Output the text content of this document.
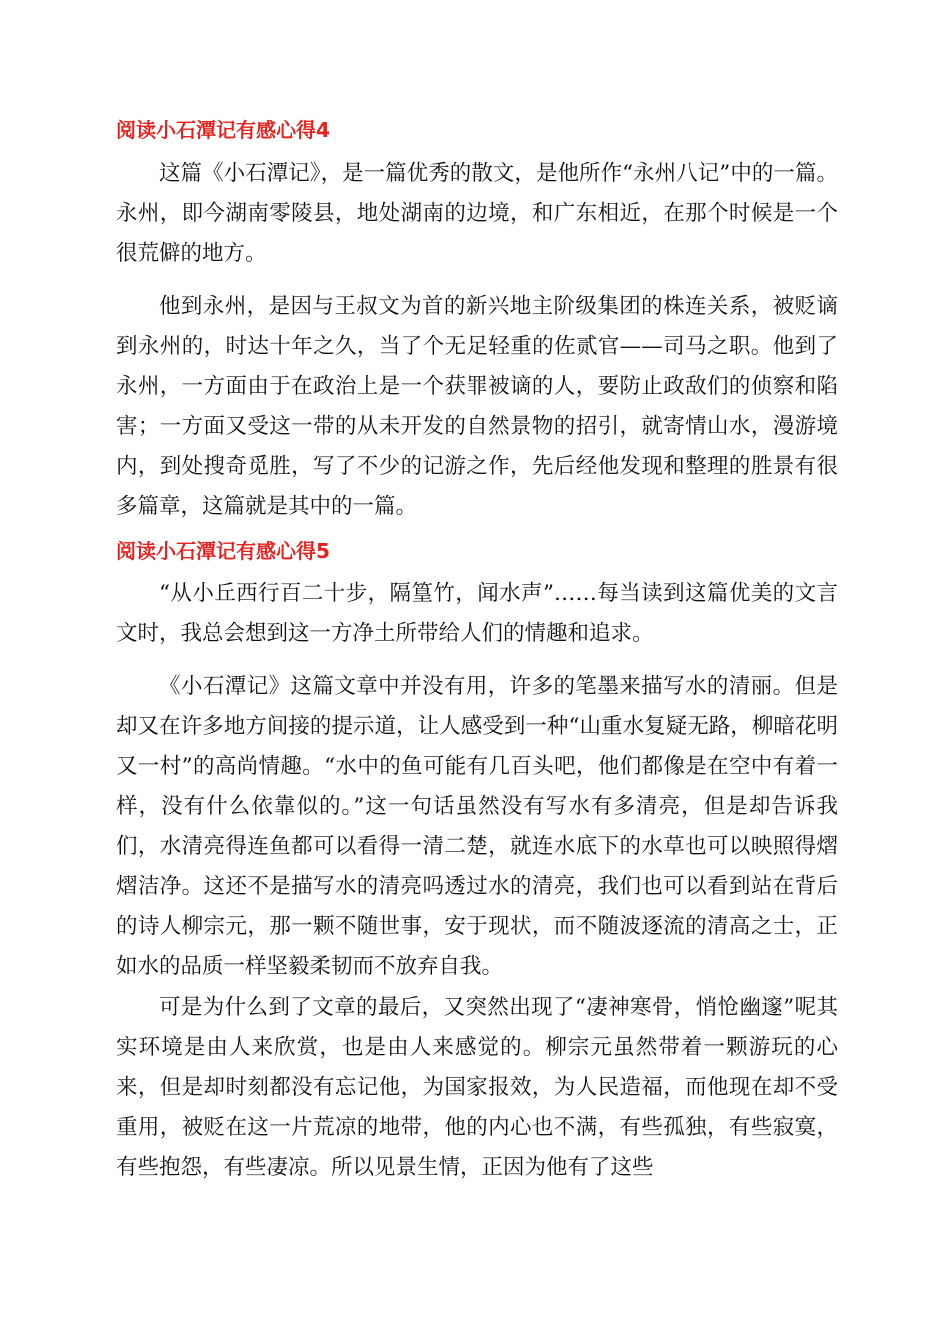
阅读小石潭记有感心得4

这篇《小石潭记》，是一篇优秀的散文，是他所作“永州八记”中的一篇。永州，即今湖南零陵县，地处湖南的边境，和广东相近，在那个时候是一个很荒僻的地方。

他到永州，是因与王叔文为首的新兴地主阶级集团的株连关系，被贬谪到永州的，时达十年之久，当了个无足轻重的佐贰官——司马之职。他到了永州，一方面由于在政治上是一个获罪被谪的人，要防止政敌们的侦察和陷害；一方面又受这一带的从未开发的自然景物的招引，就寄情山水，漫游境内，到处搜奇觅胜，写了不少的记游之作，先后经他发现和整理的胜景有很多篇章，这篇就是其中的一篇。

阅读小石潭记有感心得5

“从小丘西行百二十步，隔篁竹，闻水声”……每当读到这篇优美的文言文时，我总会想到这一方净土所带给人们的情趣和追求。

《小石潭记》这篇文章中并没有用，许多的笔墨来描写水的清丽。但是却又在许多地方间接的提示道，让人感受到一种“山重水复疑无路，柳暗花明又一村”的高尚情趣。“水中的鱼可能有几百头吧，他们都像是在空中有着一样，没有什么依靠似的。”这一句话虽然没有写水有多清亮，但是却告诉我们，水清亮得连鱼都可以看得一清二楚，就连水底下的水草也可以映照得熠熠洁净。这还不是描写水的清亮吗透过水的清亮，我们也可以看到站在背后的诗人柳宗元，那一颗不随世事，安于现状，而不随波逐流的清高之士，正如水的品质一样坚毅柔韧而不放弃自我。

可是为什么到了文章的最后，又突然出现了“凄神寒骨，悄怆幽邃”呢其实环境是由人来欣赏，也是由人来感觉的。柳宗元虽然带着一颗游玩的心来，但是却时刻都没有忘记他，为国家报效，为人民造福，而他现在却不受重用，被贬在这一片荒凉的地带，他的内心也不满，有些孤独，有些寂寞，有些抱怨，有些凄凉。所以见景生情，正因为他有了这些
